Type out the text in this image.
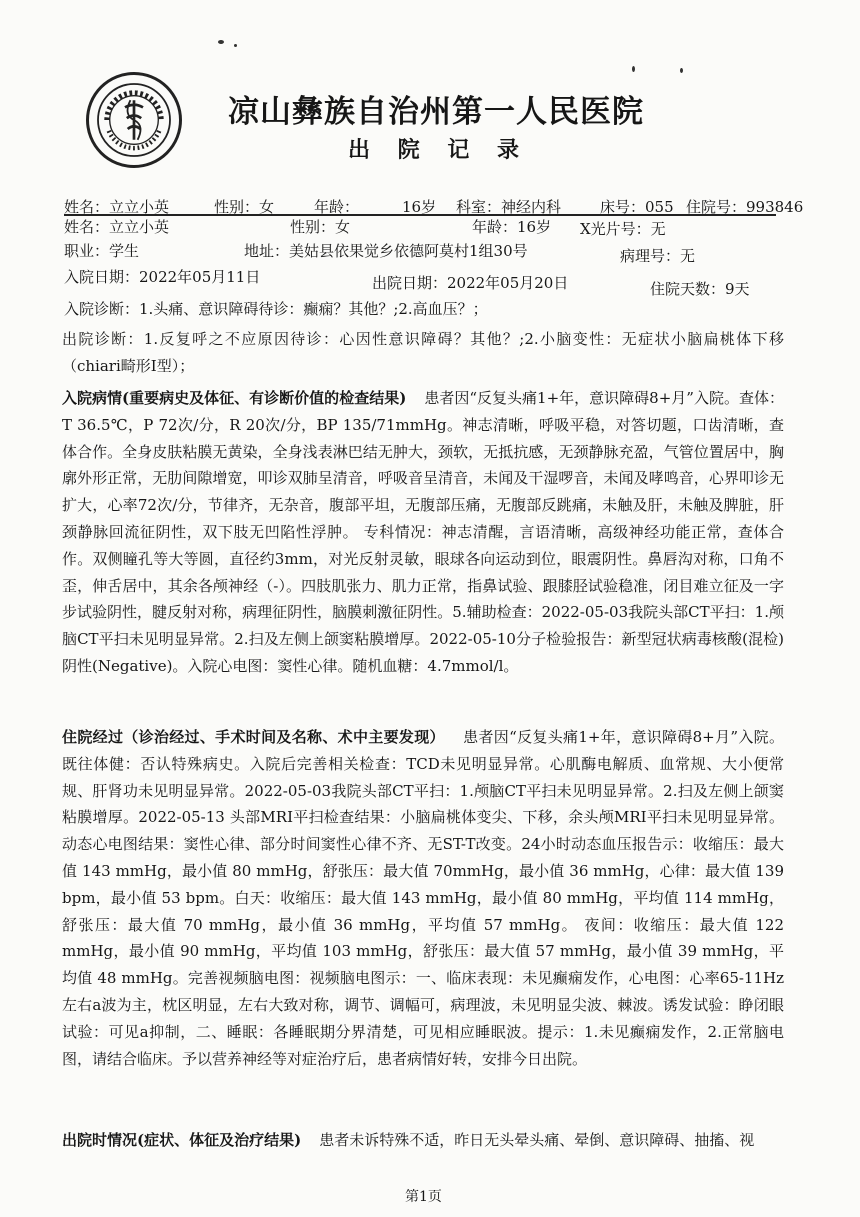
凉山彝族自治州第一人民医院
出 院 记 录
姓名：立立小英	性别：女	年龄：	16岁 科室：神经内科	床号：055 住院号：993846
姓名：立立小英	性别：女	年龄：16岁 X光片号：无
职业：学生	地址：美姑县依果觉乡依德阿莫村1组30号	病理号：无
入院日期：2022年05月11日	出院日期：2022年05月20日	住院天数：9天
入院诊断：1.头痛、意识障碍待诊：癫痫？其他？;2.高血压？；
出院诊断：1.反复呼之不应原因待诊：心因性意识障碍？其他？;2.小脑变性：无症状小脑扁桃体下移（chiari畸形I型）；
入院病情(重要病史及体征、有诊断价值的检查结果) 患者因“反复头痛1+年，意识障碍8+月”入院。查体：T 36.5℃，P 72次/分，R 20次/分，BP 135/71mmHg。神志清晰，呼吸平稳，对答切题，口齿清晰，查体合作。全身皮肤粘膜无黄染，全身浅表淋巴结无肿大，颈软，无抵抗感，无颈静脉充盈，气管位置居中，胸廓外形正常，无肋间隙增宽，叩诊双肺呈清音，呼吸音呈清音，未闻及干湿啰音，未闻及哮鸣音，心界叩诊无扩大，心率72次/分，节律齐，无杂音，腹部平坦，无腹部压痛，无腹部反跳痛，未触及肝，未触及脾脏，肝颈静脉回流征阴性，双下肢无凹陷性浮肿。 专科情况：神志清醒，言语清晰，高级神经功能正常，查体合作。双侧瞳孔等大等圆，直径约3mm，对光反射灵敏，眼球各向运动到位，眼震阴性。鼻唇沟对称，口角不歪，伸舌居中，其余各颅神经（-）。四肢肌张力、肌力正常，指鼻试验、跟膝胫试验稳准，闭目难立征及一字步试验阴性，腱反射对称，病理征阴性，脑膜刺激征阴性。5.辅助检查：2022-05-03我院头部CT平扫：1.颅脑CT平扫未见明显异常。2.扫及左侧上颌窦粘膜增厚。2022-05-10分子检验报告：新型冠状病毒核酸(混检) 阴性(Negative)。入院心电图：窦性心律。随机血糖：4.7mmol/l。
住院经过（诊治经过、手术时间及名称、术中主要发现） 患者因“反复头痛1+年，意识障碍8+月”入院。既往体健：否认特殊病史。入院后完善相关检查：TCD未见明显异常。心肌酶电解质、血常规、大小便常规、肝肾功未见明显异常。2022-05-03我院头部CT平扫：1.颅脑CT平扫未见明显异常。2.扫及左侧上颌窦粘膜增厚。2022-05-13 头部MRI平扫检查结果：小脑扁桃体变尖、下移，余头颅MRI平扫未见明显异常。动态心电图结果：窦性心律、部分时间窦性心律不齐、无ST-T改变。24小时动态血压报告示：收缩压：最大值 143 mmHg，最小值 80 mmHg，舒张压：最大值 70mmHg，最小值 36 mmHg，心律：最大值 139 bpm，最小值 53 bpm。白天：收缩压：最大值 143 mmHg，最小值 80 mmHg，平均值 114 mmHg，舒张压：最大值 70 mmHg，最小值 36 mmHg，平均值 57 mmHg。 夜间：收缩压：最大值 122 mmHg，最小值 90 mmHg，平均值 103 mmHg，舒张压：最大值 57 mmHg，最小值 39 mmHg，平均值 48 mmHg。完善视频脑电图：视频脑电图示：一、临床表现：未见癫痫发作，心电图：心率65-11Hz左右a波为主，枕区明显，左右大致对称，调节、调幅可，病理波，未见明显尖波、棘波。诱发试验：睁闭眼试验：可见a抑制，二、睡眠：各睡眠期分界清楚，可见相应睡眠波。提示：1.未见癫痫发作，2.正常脑电图，请结合临床。予以营养神经等对症治疗后，患者病情好转，安排今日出院。
出院时情况(症状、体征及治疗结果) 患者未诉特殊不适，昨日无头晕头痛、晕倒、意识障碍、抽搐、视
第1页
